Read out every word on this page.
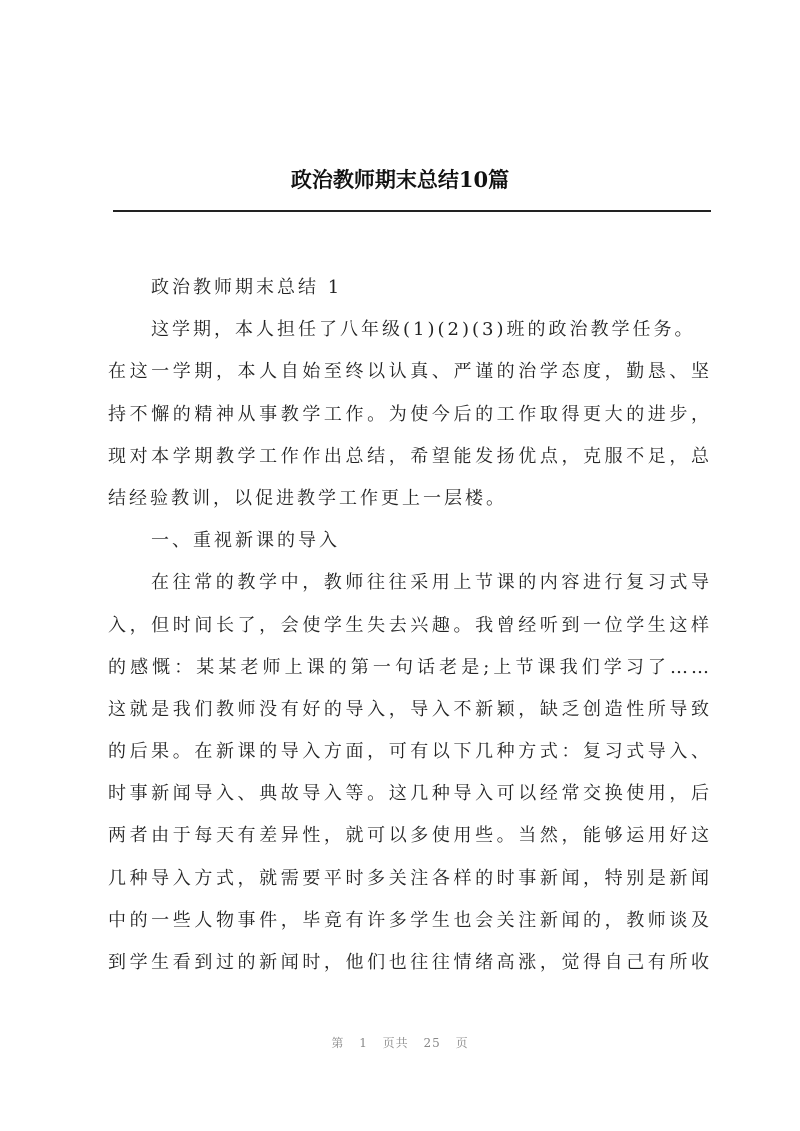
政治教师期末总结10篇
政治教师期末总结 1
这学期，本人担任了八年级(1)(2)(3)班的政治教学任务。
在这一学期，本人自始至终以认真、严谨的治学态度，勤恳、坚
持不懈的精神从事教学工作。为使今后的工作取得更大的进步，
现对本学期教学工作作出总结，希望能发扬优点，克服不足，总
结经验教训，以促进教学工作更上一层楼。
一、重视新课的导入
在往常的教学中，教师往往采用上节课的内容进行复习式导
入，但时间长了，会使学生失去兴趣。我曾经听到一位学生这样
的感慨：某某老师上课的第一句话老是;上节课我们学习了……
这就是我们教师没有好的导入，导入不新颖，缺乏创造性所导致
的后果。在新课的导入方面，可有以下几种方式：复习式导入、
时事新闻导入、典故导入等。这几种导入可以经常交换使用，后
两者由于每天有差异性，就可以多使用些。当然，能够运用好这
几种导入方式，就需要平时多关注各样的时事新闻，特别是新闻
中的一些人物事件，毕竟有许多学生也会关注新闻的，教师谈及
到学生看到过的新闻时，他们也往往情绪高涨，觉得自己有所收
第 1 页共 25 页
